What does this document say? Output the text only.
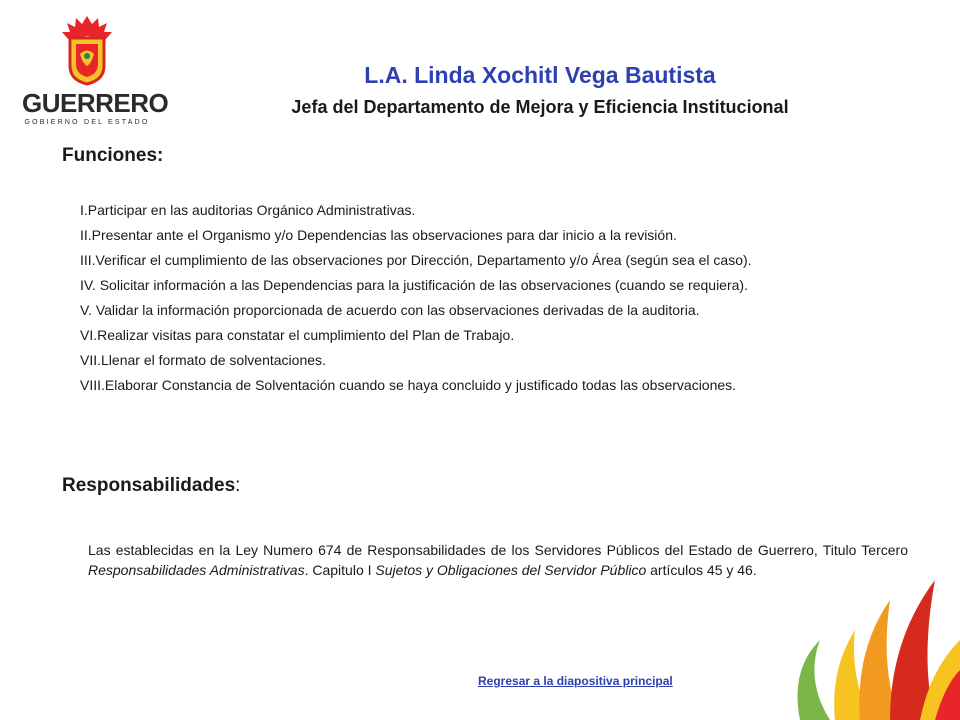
GUERRERO
GOBIERNO DEL ESTADO
L.A. Linda Xochitl Vega Bautista
Jefa del Departamento de Mejora y Eficiencia Institucional
Funciones:
I.Participar en las auditorias Orgánico Administrativas.
II.Presentar ante el Organismo y/o Dependencias las observaciones para dar inicio a la revisión.
III.Verificar el cumplimiento de las observaciones por Dirección, Departamento y/o Área (según sea el caso).
IV. Solicitar información a las Dependencias para la justificación de las observaciones (cuando se requiera).
V. Validar la información proporcionada de acuerdo con las observaciones derivadas de la auditoria.
VI.Realizar visitas para constatar el cumplimiento del Plan de Trabajo.
VII.Llenar el formato de solventaciones.
VIII.Elaborar Constancia de Solventación cuando se haya concluido y justificado todas las observaciones.
Responsabilidades:
Las establecidas en la Ley Numero 674 de Responsabilidades de los Servidores Públicos del Estado de Guerrero, Titulo Tercero Responsabilidades Administrativas. Capitulo I Sujetos y Obligaciones del Servidor Público artículos 45 y 46.
Regresar a la diapositiva principal
